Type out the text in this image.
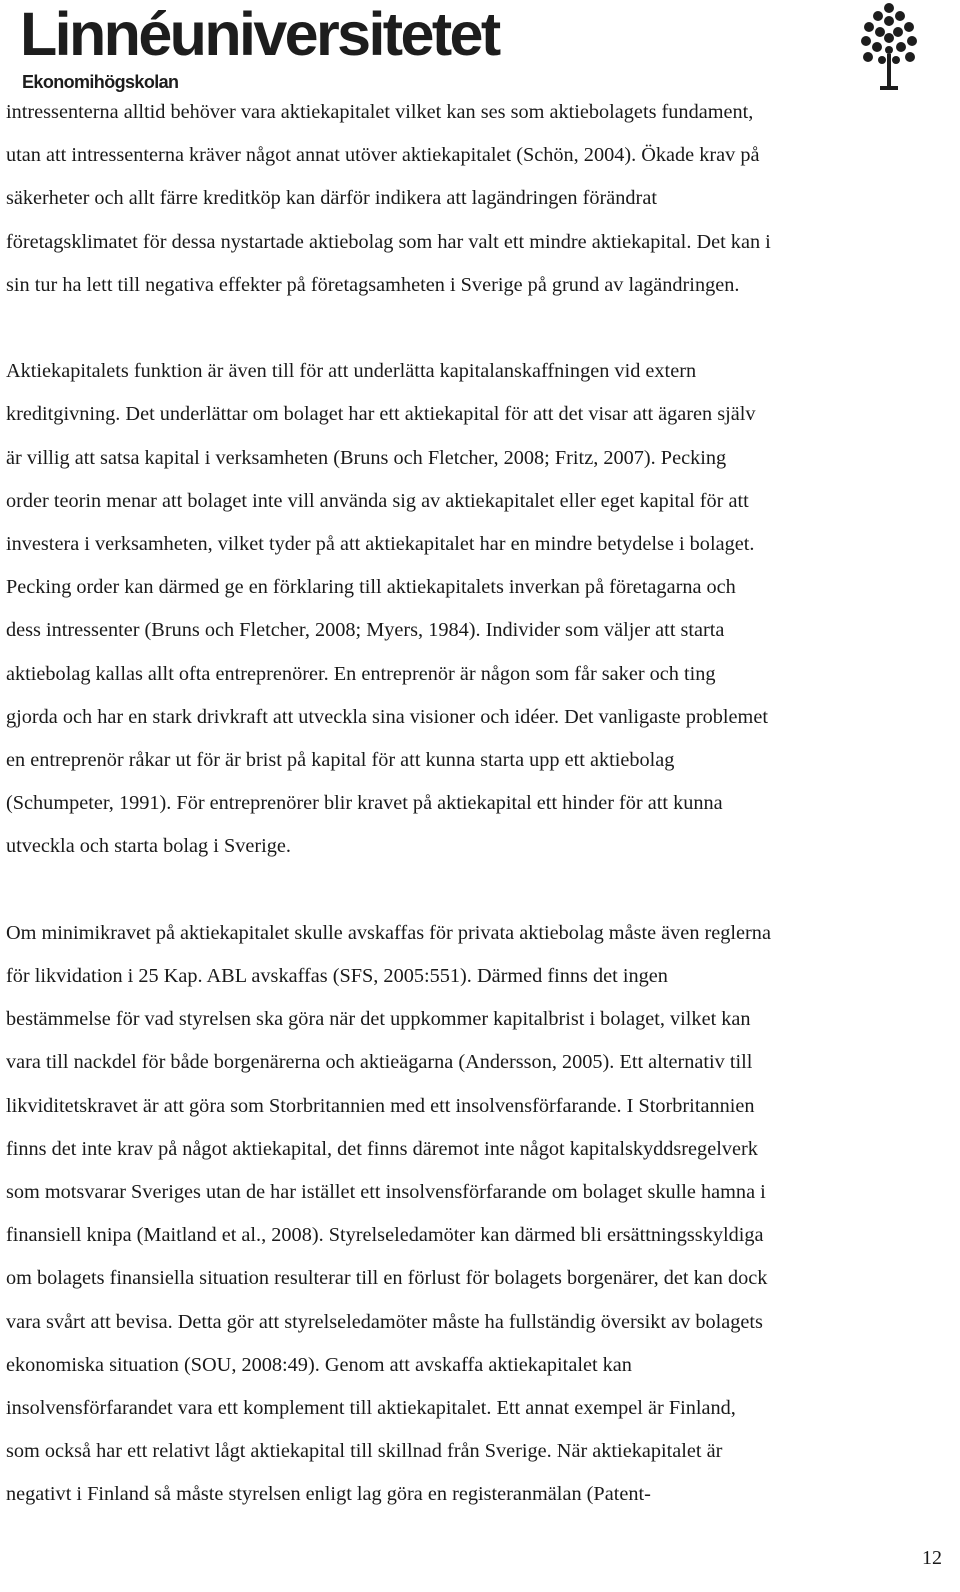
Linnéuniversitetet
Ekonomihögskolan

intressenterna alltid behöver vara aktiekapitalet vilket kan ses som aktiebolagets fundament,

utan att intressenterna kräver något annat utöver aktiekapitalet (Schön, 2004). Ökade krav på

säkerheter och allt färre kreditköp kan därför indikera att lagändringen förändrat

företagsklimatet för dessa nystartade aktiebolag som har valt ett mindre aktiekapital. Det kan i

sin tur ha lett till negativa effekter på företagsamheten i Sverige på grund av lagändringen.

Aktiekapitalets funktion är även till för att underlätta kapitalanskaffningen vid extern

kreditgivning. Det underlättar om bolaget har ett aktiekapital för att det visar att ägaren själv

är villig att satsa kapital i verksamheten (Bruns och Fletcher, 2008; Fritz, 2007). Pecking

order teorin menar att bolaget inte vill använda sig av aktiekapitalet eller eget kapital för att

investera i verksamheten, vilket tyder på att aktiekapitalet har en mindre betydelse i bolaget.

Pecking order kan därmed ge en förklaring till aktiekapitalets inverkan på företagarna och

dess intressenter (Bruns och Fletcher, 2008; Myers, 1984). Individer som väljer att starta

aktiebolag kallas allt ofta entreprenörer. En entreprenör är någon som får saker och ting

gjorda och har en stark drivkraft att utveckla sina visioner och idéer. Det vanligaste problemet

en entreprenör råkar ut för är brist på kapital för att kunna starta upp ett aktiebolag

(Schumpeter, 1991). För entreprenörer blir kravet på aktiekapital ett hinder för att kunna

utveckla och starta bolag i Sverige.

Om minimikravet på aktiekapitalet skulle avskaffas för privata aktiebolag måste även reglerna

för likvidation i 25 Kap. ABL avskaffas (SFS, 2005:551). Därmed finns det ingen

bestämmelse för vad styrelsen ska göra när det uppkommer kapitalbrist i bolaget, vilket kan

vara till nackdel för både borgenärerna och aktieägarna (Andersson, 2005). Ett alternativ till

likviditetskravet är att göra som Storbritannien med ett insolvensförfarande. I Storbritannien

finns det inte krav på något aktiekapital, det finns däremot inte något kapitalskyddsregelverk

som motsvarar Sveriges utan de har istället ett insolvensförfarande om bolaget skulle hamna i

finansiell knipa (Maitland et al., 2008). Styrelseledamöter kan därmed bli ersättningsskyldiga

om bolagets finansiella situation resulterar till en förlust för bolagets borgenärer, det kan dock

vara svårt att bevisa. Detta gör att styrelseledamöter måste ha fullständig översikt av bolagets

ekonomiska situation (SOU, 2008:49). Genom att avskaffa aktiekapitalet kan

insolvensförfarandet vara ett komplement till aktiekapitalet. Ett annat exempel är Finland,

som också har ett relativt lågt aktiekapital till skillnad från Sverige. När aktiekapitalet är

negativt i Finland så måste styrelsen enligt lag göra en registeranmälan (Patent-

12
